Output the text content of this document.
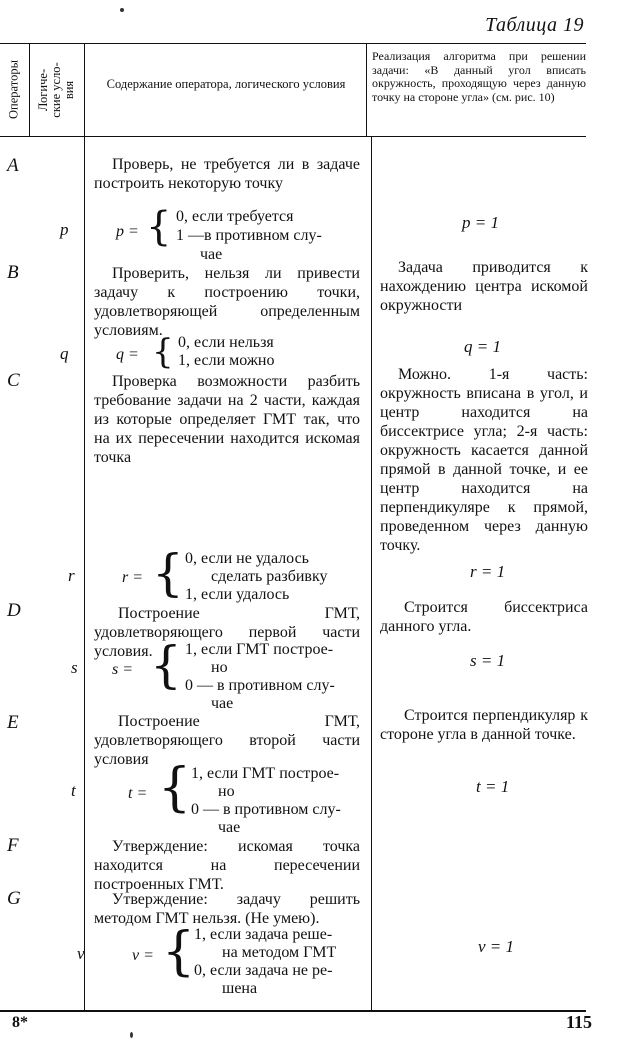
Таблица 19
Операторы Логиче- ские усло- вия	Содержание оператора, логического условия
Реализация алгоритма при решении задачи: «В данный угол вписать окружность, проходящую через данную точку на стороне угла» (см. рис. 10)
A
B
C
D
E
F
G
p
q
r
s
t
v
Проверь, не требуется ли в задаче построить некоторую точку
p = { 0, если требуется
1 —в противном слу-
чае
Проверить, нельзя ли привести задачу к построению точки, удовлетворяющей определенным условиям.
q = { 0, если нельзя
1, если можно
Проверка возможности разбить требование задачи на 2 части, каждая из которые определяет ГМТ так, что на их пересечении находится искомая точка
r = { 0, если не удалось
сделать разбивку
1, если удалось
Построение ГМТ, удовлетворяющего первой части условия.
s = { 1, если ГМТ построе-
но
0 — в противном слу-
чае
Построение ГМТ, удовлетворяющего второй части условия
t = { 1, если ГМТ построе-
но
0 — в противном слу-
чае
Утверждение: искомая точка находится на пересечении построенных ГМТ.
Утверждение: задачу решить методом ГМТ нельзя. (Не умею).
v = {
1, если задача реше-
на методом ГМТ
0, если задача не ре-
шена
p = 1
Задача приводится к нахождению центра искомой окружности
q = 1
Можно. 1-я часть: окружность вписана в угол, и центр находится на биссектрисе угла; 2-я часть: окружность касается данной прямой в данной точке, и ее центр находится на перпендикуляре к прямой, проведенном через данную точку.
r = 1
Строится биссектриса данного угла.
s = 1
Строится перпендикуляр к стороне угла в данной точке.
t = 1
v = 1
8*	115
